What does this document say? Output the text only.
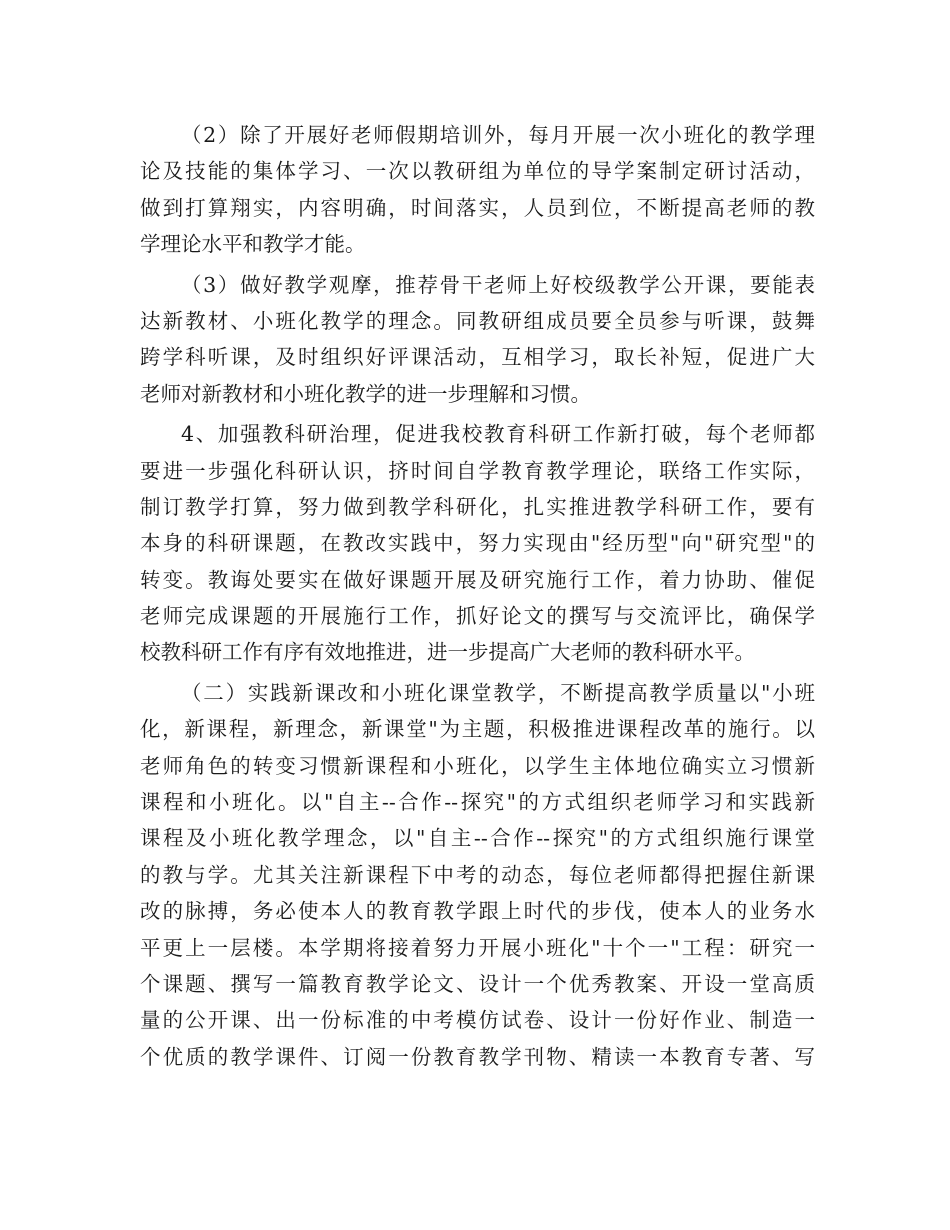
（2）除了开展好老师假期培训外，每月开展一次小班化的教学理
论及技能的集体学习、一次以教研组为单位的导学案制定研讨活动，
做到打算翔实，内容明确，时间落实，人员到位，不断提高老师的教
学理论水平和教学才能。
（3）做好教学观摩，推荐骨干老师上好校级教学公开课，要能表
达新教材、小班化教学的理念。同教研组成员要全员参与听课，鼓舞
跨学科听课，及时组织好评课活动，互相学习，取长补短，促进广大
老师对新教材和小班化教学的进一步理解和习惯。
4、加强教科研治理，促进我校教育科研工作新打破，每个老师都
要进一步强化科研认识，挤时间自学教育教学理论，联络工作实际，
制订教学打算，努力做到教学科研化，扎实推进教学科研工作，要有
本身的科研课题，在教改实践中，努力实现由"经历型"向"研究型"的
转变。教诲处要实在做好课题开展及研究施行工作，着力协助、催促
老师完成课题的开展施行工作，抓好论文的撰写与交流评比，确保学
校教科研工作有序有效地推进，进一步提高广大老师的教科研水平。
（二）实践新课改和小班化课堂教学，不断提高教学质量以"小班
化，新课程，新理念，新课堂"为主题，积极推进课程改革的施行。以
老师角色的转变习惯新课程和小班化，以学生主体地位确实立习惯新
课程和小班化。以"自主--合作--探究"的方式组织老师学习和实践新
课程及小班化教学理念，以"自主--合作--探究"的方式组织施行课堂
的教与学。尤其关注新课程下中考的动态，每位老师都得把握住新课
改的脉搏，务必使本人的教育教学跟上时代的步伐，使本人的业务水
平更上一层楼。本学期将接着努力开展小班化"十个一"工程：研究一
个课题、撰写一篇教育教学论文、设计一个优秀教案、开设一堂高质
量的公开课、出一份标准的中考模仿试卷、设计一份好作业、制造一
个优质的教学课件、订阅一份教育教学刊物、精读一本教育专著、写
